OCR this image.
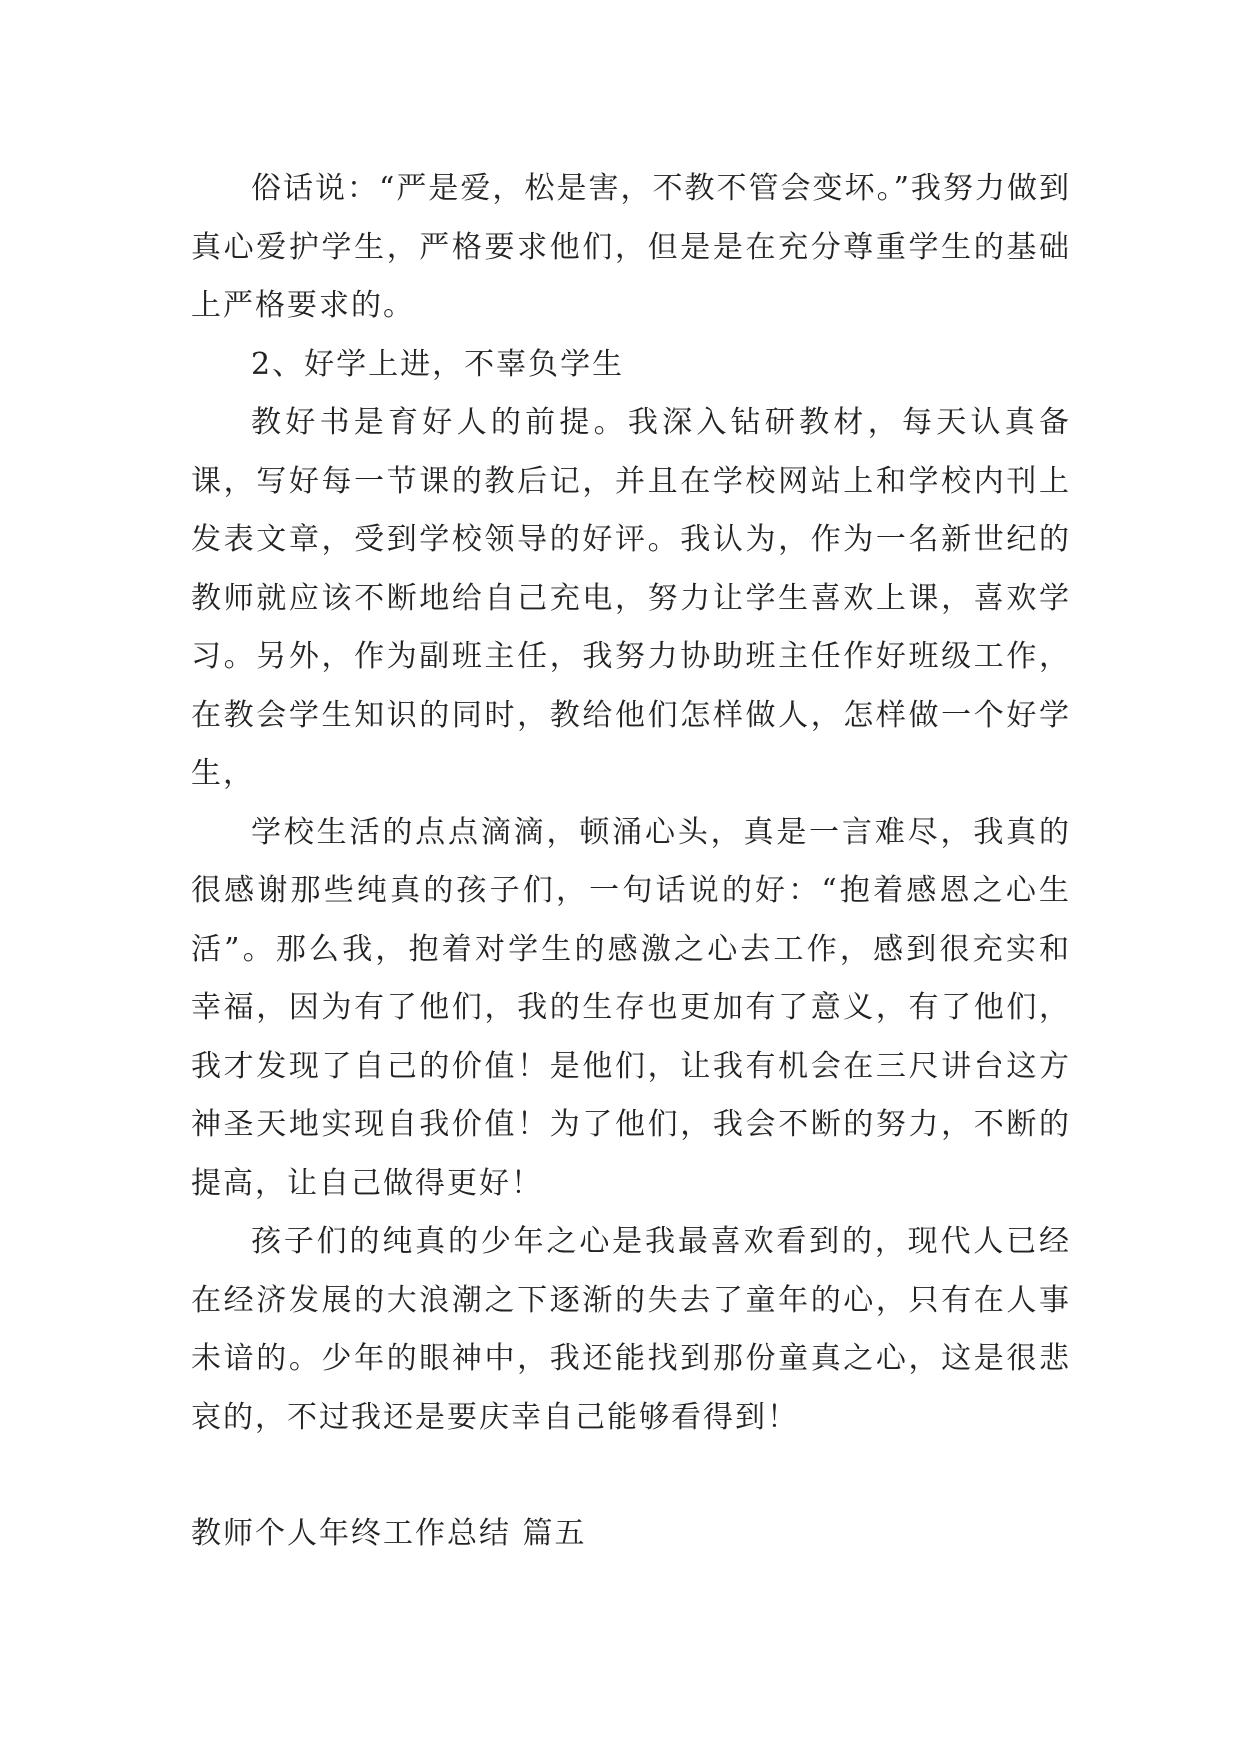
俗话说：“严是爱，松是害，不教不管会变坏。”我努力做到真心爱护学生，严格要求他们，但是是在充分尊重学生的基础上严格要求的。

2、好学上进，不辜负学生

教好书是育好人的前提。我深入钻研教材，每天认真备课，写好每一节课的教后记，并且在学校网站上和学校内刊上发表文章，受到学校领导的好评。我认为，作为一名新世纪的教师就应该不断地给自己充电，努力让学生喜欢上课，喜欢学习。另外，作为副班主任，我努力协助班主任作好班级工作，在教会学生知识的同时，教给他们怎样做人，怎样做一个好学生，

学校生活的点点滴滴，顿涌心头，真是一言难尽，我真的很感谢那些纯真的孩子们，一句话说的好：“抱着感恩之心生活”。那么我，抱着对学生的感激之心去工作，感到很充实和幸福，因为有了他们，我的生存也更加有了意义，有了他们，我才发现了自己的价值！是他们，让我有机会在三尺讲台这方神圣天地实现自我价值！为了他们，我会不断的努力，不断的提高，让自己做得更好！

孩子们的纯真的少年之心是我最喜欢看到的，现代人已经在经济发展的大浪潮之下逐渐的失去了童年的心，只有在人事未谙的。少年的眼神中，我还能找到那份童真之心，这是很悲哀的，不过我还是要庆幸自己能够看得到！

教师个人年终工作总结 篇五
